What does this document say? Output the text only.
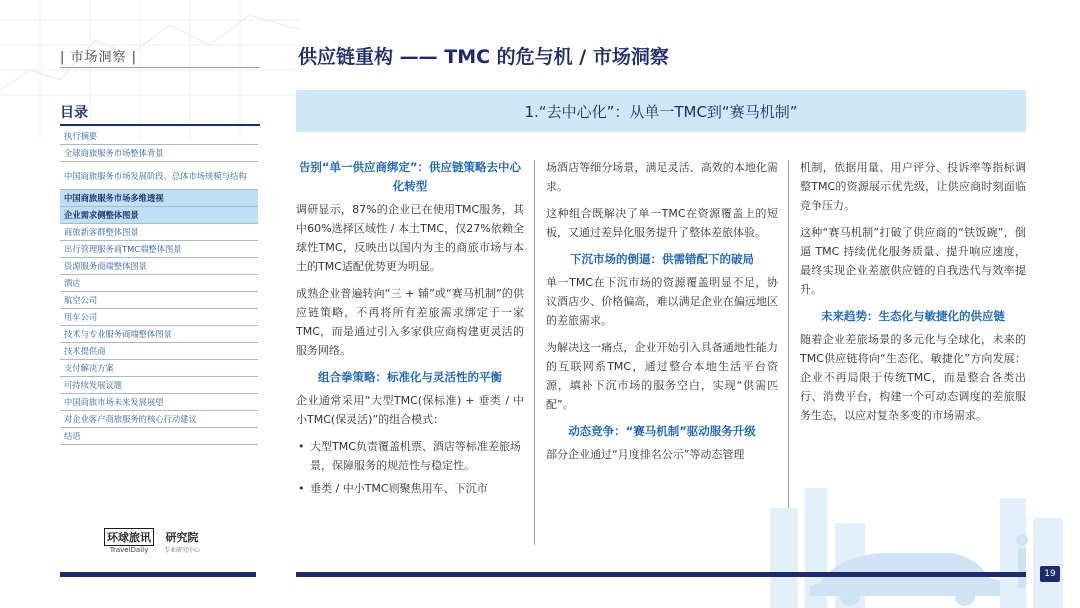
| 市场洞察 |	供应链重构 —— TMC 的危与机 / 市场洞察
1.“去中心化”：从单一TMC到“赛马机制”
目录
执行摘要
全球商旅服务市场整体背景
中国商旅服务市场发展阶段、总体市场规模与结构
中国商旅服务市场多维透视
企业需求侧整体图景
商旅新客群整体图景
出行管理服务商TMC端整体图景
资源服务商端整体图景
酒店
航空公司
用车公司
技术与专业服务商端整体图景
技术提供商
支付解决方案
可持续发展议题
中国商旅市场未来发展展望
对企业客户商旅服务的核心行动建议
结语
环球旅讯
TravelDaily
研究院
专业研究中心
告别“单一供应商绑定”：供应链策略去中心化转型

调研显示，87%的企业已在使用TMC服务，其中60%选择区域性 / 本土TMC，仅27%依赖全球性TMC，反映出以国内为主的商旅市场与本土的TMC适配优势更为明显。

成熟企业普遍转向“三 + 辅”或“赛马机制”的供应链策略，不再将所有差旅需求绑定于一家TMC，而是通过引入多家供应商构建更灵活的服务网络。

组合拳策略：标准化与灵活性的平衡

企业通常采用“大型TMC(保标准) + 垂类 / 中小TMC(保灵活)”的组合模式：

• 大型TMC负责覆盖机票、酒店等标准差旅场景，保障服务的规范性与稳定性。
• 垂类 / 中小TMC则聚焦用车、下沉市

场酒店等细分场景，满足灵活、高效的本地化需求。

这种组合既解决了单一TMC在资源覆盖上的短板，又通过差异化服务提升了整体差旅体验。

下沉市场的倒逼：供需错配下的破局

单一TMC在下沉市场的资源覆盖明显不足，协议酒店少、价格偏高，难以满足企业在偏远地区的差旅需求。

为解决这一痛点，企业开始引入具备通地性能力的互联网系TMC，通过整合本地生活平台资源，填补下沉市场的服务空白，实现“供需匹配”。

动态竞争：“赛马机制”驱动服务升级

部分企业通过“月度排名公示”等动态管理

机制，依据用量、用户评分、投诉率等指标调整TMC的资源展示优先级，让供应商时刻面临竞争压力。

这种“赛马机制”打破了供应商的“铁饭碗”，倒逼 TMC 持续优化服务质量、提升响应速度，最终实现企业差旅供应链的自我迭代与效率提升。

未来趋势：生态化与敏捷化的供应链

随着企业差旅场景的多元化与全球化，未来的TMC供应链将向“生态化、敏捷化”方向发展：企业不再局限于传统TMC，而是整合各类出行、消费平台，构建一个可动态调度的差旅服务生态，以应对复杂多变的市场需求。

19
